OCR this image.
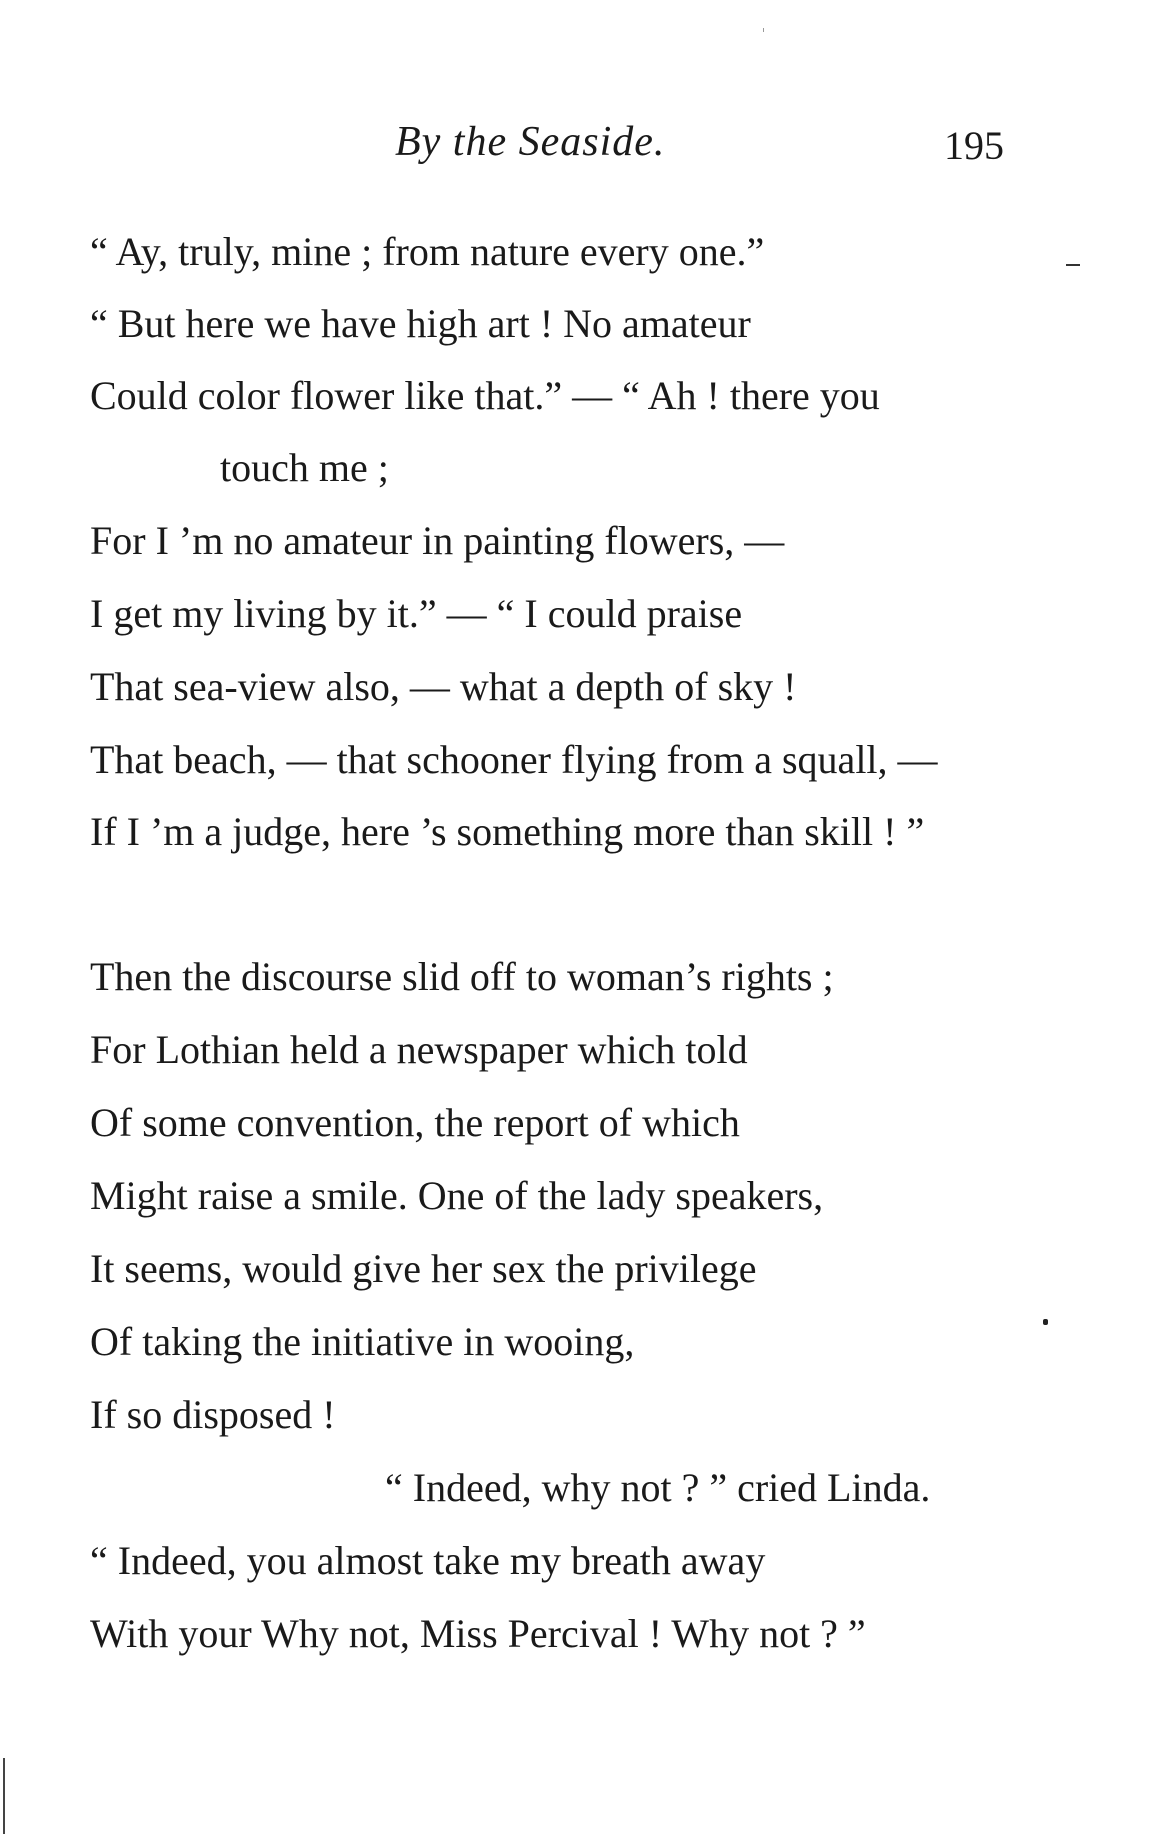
By the Seaside.	195
“ Ay, truly, mine ; from nature every one.”
“ But here we have high art ! No amateur
Could color flower like that.” — “ Ah ! there you
touch me ;
For I ’m no amateur in painting flowers, —
I get my living by it.” — “ I could praise
That sea-view also, — what a depth of sky !
That beach, — that schooner flying from a squall, —
If I ’m a judge, here ’s something more than skill ! ”
Then the discourse slid off to woman’s rights ;
For Lothian held a newspaper which told
Of some convention, the report of which
Might raise a smile. One of the lady speakers,
It seems, would give her sex the privilege
Of taking the initiative in wooing,
If so disposed !
“ Indeed, why not ? ” cried Linda.
“ Indeed, you almost take my breath away
With your Why not, Miss Percival ! Why not ? ”
